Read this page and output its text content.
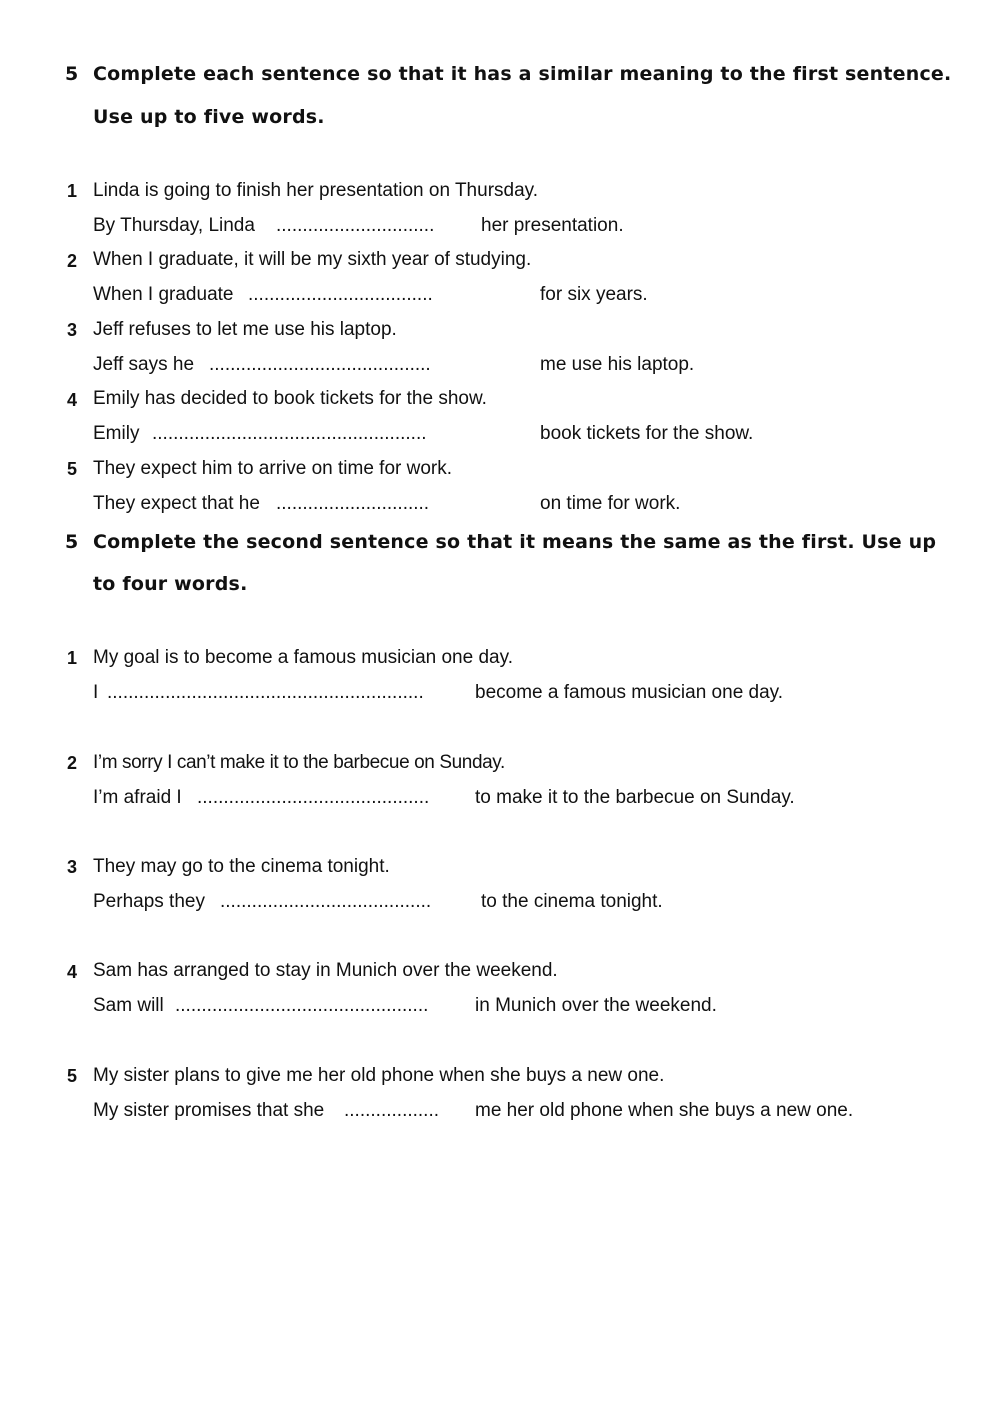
5 Complete each sentence so that it has a similar meaning to the first sentence.
Use up to five words.
1 Linda is going to finish her presentation on Thursday.
By Thursday, Linda .............................. her presentation.
2 When I graduate, it will be my sixth year of studying.
When I graduate ...................................	for six years.
3 Jeff refuses to let me use his laptop.
Jeff says he ..........................................	me use his laptop.
4 Emily has decided to book tickets for the show.
Emily ....................................................	book tickets for the show.
5 They expect him to arrive on time for work.
They expect that he .............................	on time for work.
5 Complete the second sentence so that it means the same as the first. Use up
to four words.
1 My goal is to become a famous musician one day.
I ............................................................	become a famous musician one day.
2 I’m sorry I can’t make it to the barbecue on Sunday.
I’m afraid I ............................................ to make it to the barbecue on Sunday.
3 They may go to the cinema tonight.
Perhaps they ........................................	to the cinema tonight.
4 Sam has arranged to stay in Munich over the weekend.
Sam will ................................................ in Munich over the weekend.
5 My sister plans to give me her old phone when she buys a new one.
My sister promises that she .................. me her old phone when she buys a new one.
